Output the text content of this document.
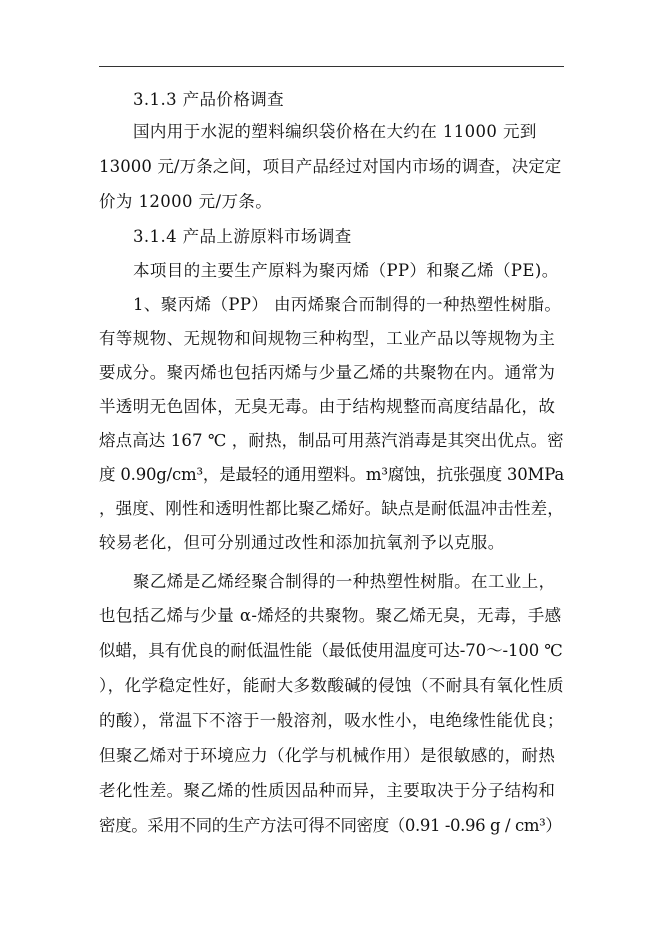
3.1.3 产品价格调查
国内用于水泥的塑料编织袋价格在大约在 11000 元到
13000 元/万条之间，项目产品经过对国内市场的调查，决定定
价为 12000 元/万条。
3.1.4 产品上游原料市场调查
本项目的主要生产原料为聚丙烯（PP）和聚乙烯（PE)。
1、聚丙烯（PP） 由丙烯聚合而制得的一种热塑性树脂。
有等规物、无规物和间规物三种构型，工业产品以等规物为主
要成分。聚丙烯也包括丙烯与少量乙烯的共聚物在内。通常为
半透明无色固体，无臭无毒。由于结构规整而高度结晶化，故
熔点高达 167 ℃ ，耐热，制品可用蒸汽消毒是其突出优点。密
度 0.90g/cm³，是最轻的通用塑料。m³腐蚀，抗张强度 30MPa
，强度、刚性和透明性都比聚乙烯好。缺点是耐低温冲击性差，
较易老化，但可分别通过改性和添加抗氧剂予以克服。
聚乙烯是乙烯经聚合制得的一种热塑性树脂。在工业上，
也包括乙烯与少量 α-烯烃的共聚物。聚乙烯无臭，无毒，手感
似蜡，具有优良的耐低温性能（最低使用温度可达-70～-100 ℃
），化学稳定性好，能耐大多数酸碱的侵蚀（不耐具有氧化性质
的酸），常温下不溶于一般溶剂，吸水性小，电绝缘性能优良；
但聚乙烯对于环境应力（化学与机械作用）是很敏感的，耐热
老化性差。聚乙烯的性质因品种而异，主要取决于分子结构和
密度。采用不同的生产方法可得不同密度（0.91 -0.96 g / cm³）
